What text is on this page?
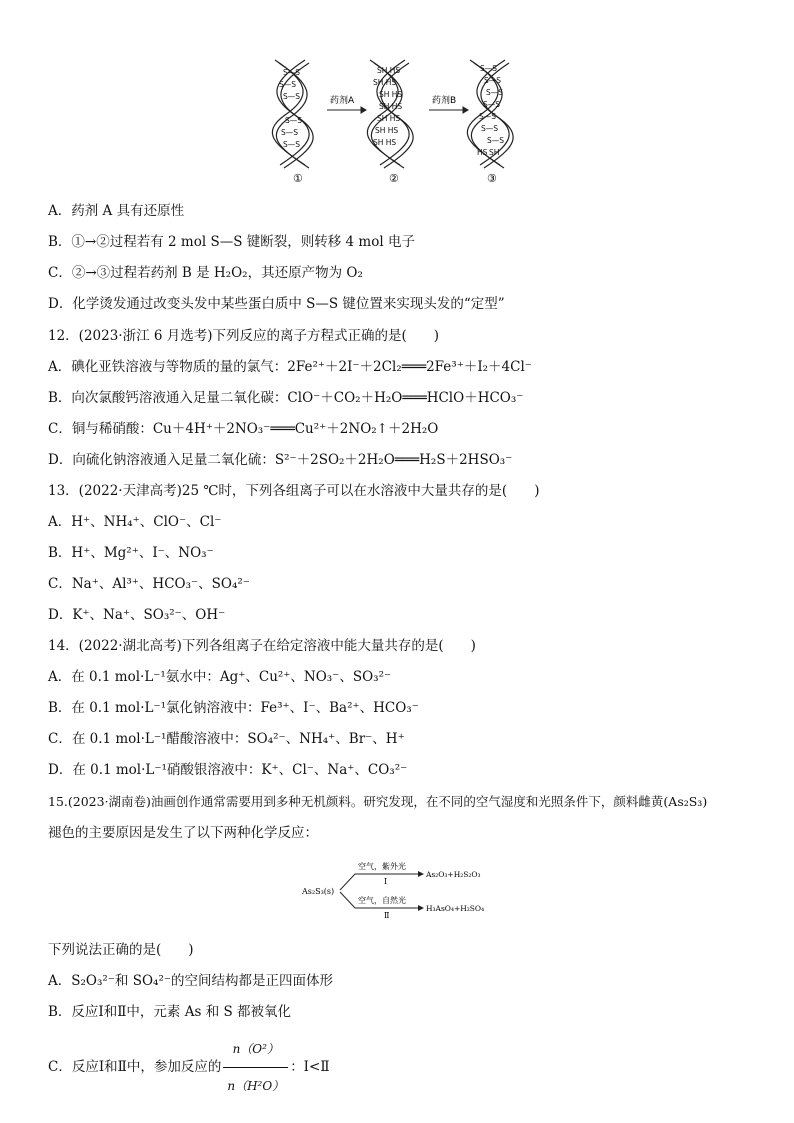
S—S
S—S
S—S
S—S
S—S
S—S
SH HS
SH HS
SH HS
SH HS
SH HS
SH HS
SH HS
S—S
S—S
S—S
S—S
S—S
S—S
S—S
SH
HS
药剂A	药剂B
①	②	③
A．药剂 A 具有还原性
B．①→②过程若有 2 mol S—S 键断裂，则转移 4 mol 电子
C．②→③过程若药剂 B 是 H₂O₂，其还原产物为 O₂
D．化学烫发通过改变头发中某些蛋白质中 S—S 键位置来实现头发的“定型”
12．(2023·浙江 6 月选考)下列反应的离子方程式正确的是(　　)
A．碘化亚铁溶液与等物质的量的氯气：2Fe²⁺＋2I⁻＋2Cl₂═══2Fe³⁺＋I₂＋4Cl⁻
B．向次氯酸钙溶液通入足量二氧化碳：ClO⁻＋CO₂＋H₂O═══HClO＋HCO₃⁻
C．铜与稀硝酸：Cu＋4H⁺＋2NO₃⁻═══Cu²⁺＋2NO₂↑＋2H₂O
D．向硫化钠溶液通入足量二氧化硫：S²⁻＋2SO₂＋2H₂O═══H₂S＋2HSO₃⁻
13．(2022·天津高考)25 ℃时，下列各组离子可以在水溶液中大量共存的是(　　)
A．H⁺、NH₄⁺、ClO⁻、Cl⁻
B．H⁺、Mg²⁺、I⁻、NO₃⁻
C．Na⁺、Al³⁺、HCO₃⁻、SO₄²⁻
D．K⁺、Na⁺、SO₃²⁻、OH⁻
14．(2022·湖北高考)下列各组离子在给定溶液中能大量共存的是(　　)
A．在 0.1 mol·L⁻¹氨水中：Ag⁺、Cu²⁺、NO₃⁻、SO₃²⁻
B．在 0.1 mol·L⁻¹氯化钠溶液中：Fe³⁺、I⁻、Ba²⁺、HCO₃⁻
C．在 0.1 mol·L⁻¹醋酸溶液中：SO₄²⁻、NH₄⁺、Br⁻、H⁺
D．在 0.1 mol·L⁻¹硝酸银溶液中：K⁺、Cl⁻、Na⁺、CO₃²⁻
15.(2023·湖南卷)油画创作通常需要用到多种无机颜料。研究发现，在不同的空气湿度和光照条件下，颜料雌黄(As₂S₃)
褪色的主要原因是发生了以下两种化学反应：
As₂S₃(s)
空气，紫外光
Ⅰ
As₂O₃+H₂S₂O₃
空气，自然光
Ⅱ
H₃AsO₄+H₂SO₄
下列说法正确的是(　　)
A．S₂O₃²⁻和 SO₄²⁻的空间结构都是正四面体形
B．反应Ⅰ和Ⅱ中，元素 As 和 S 都被氧化
C．反应Ⅰ和Ⅱ中，参加反应的 $\frac{\text{n（O²）}}{\text{n（H²O）}}$ ：Ⅰ<Ⅱ
